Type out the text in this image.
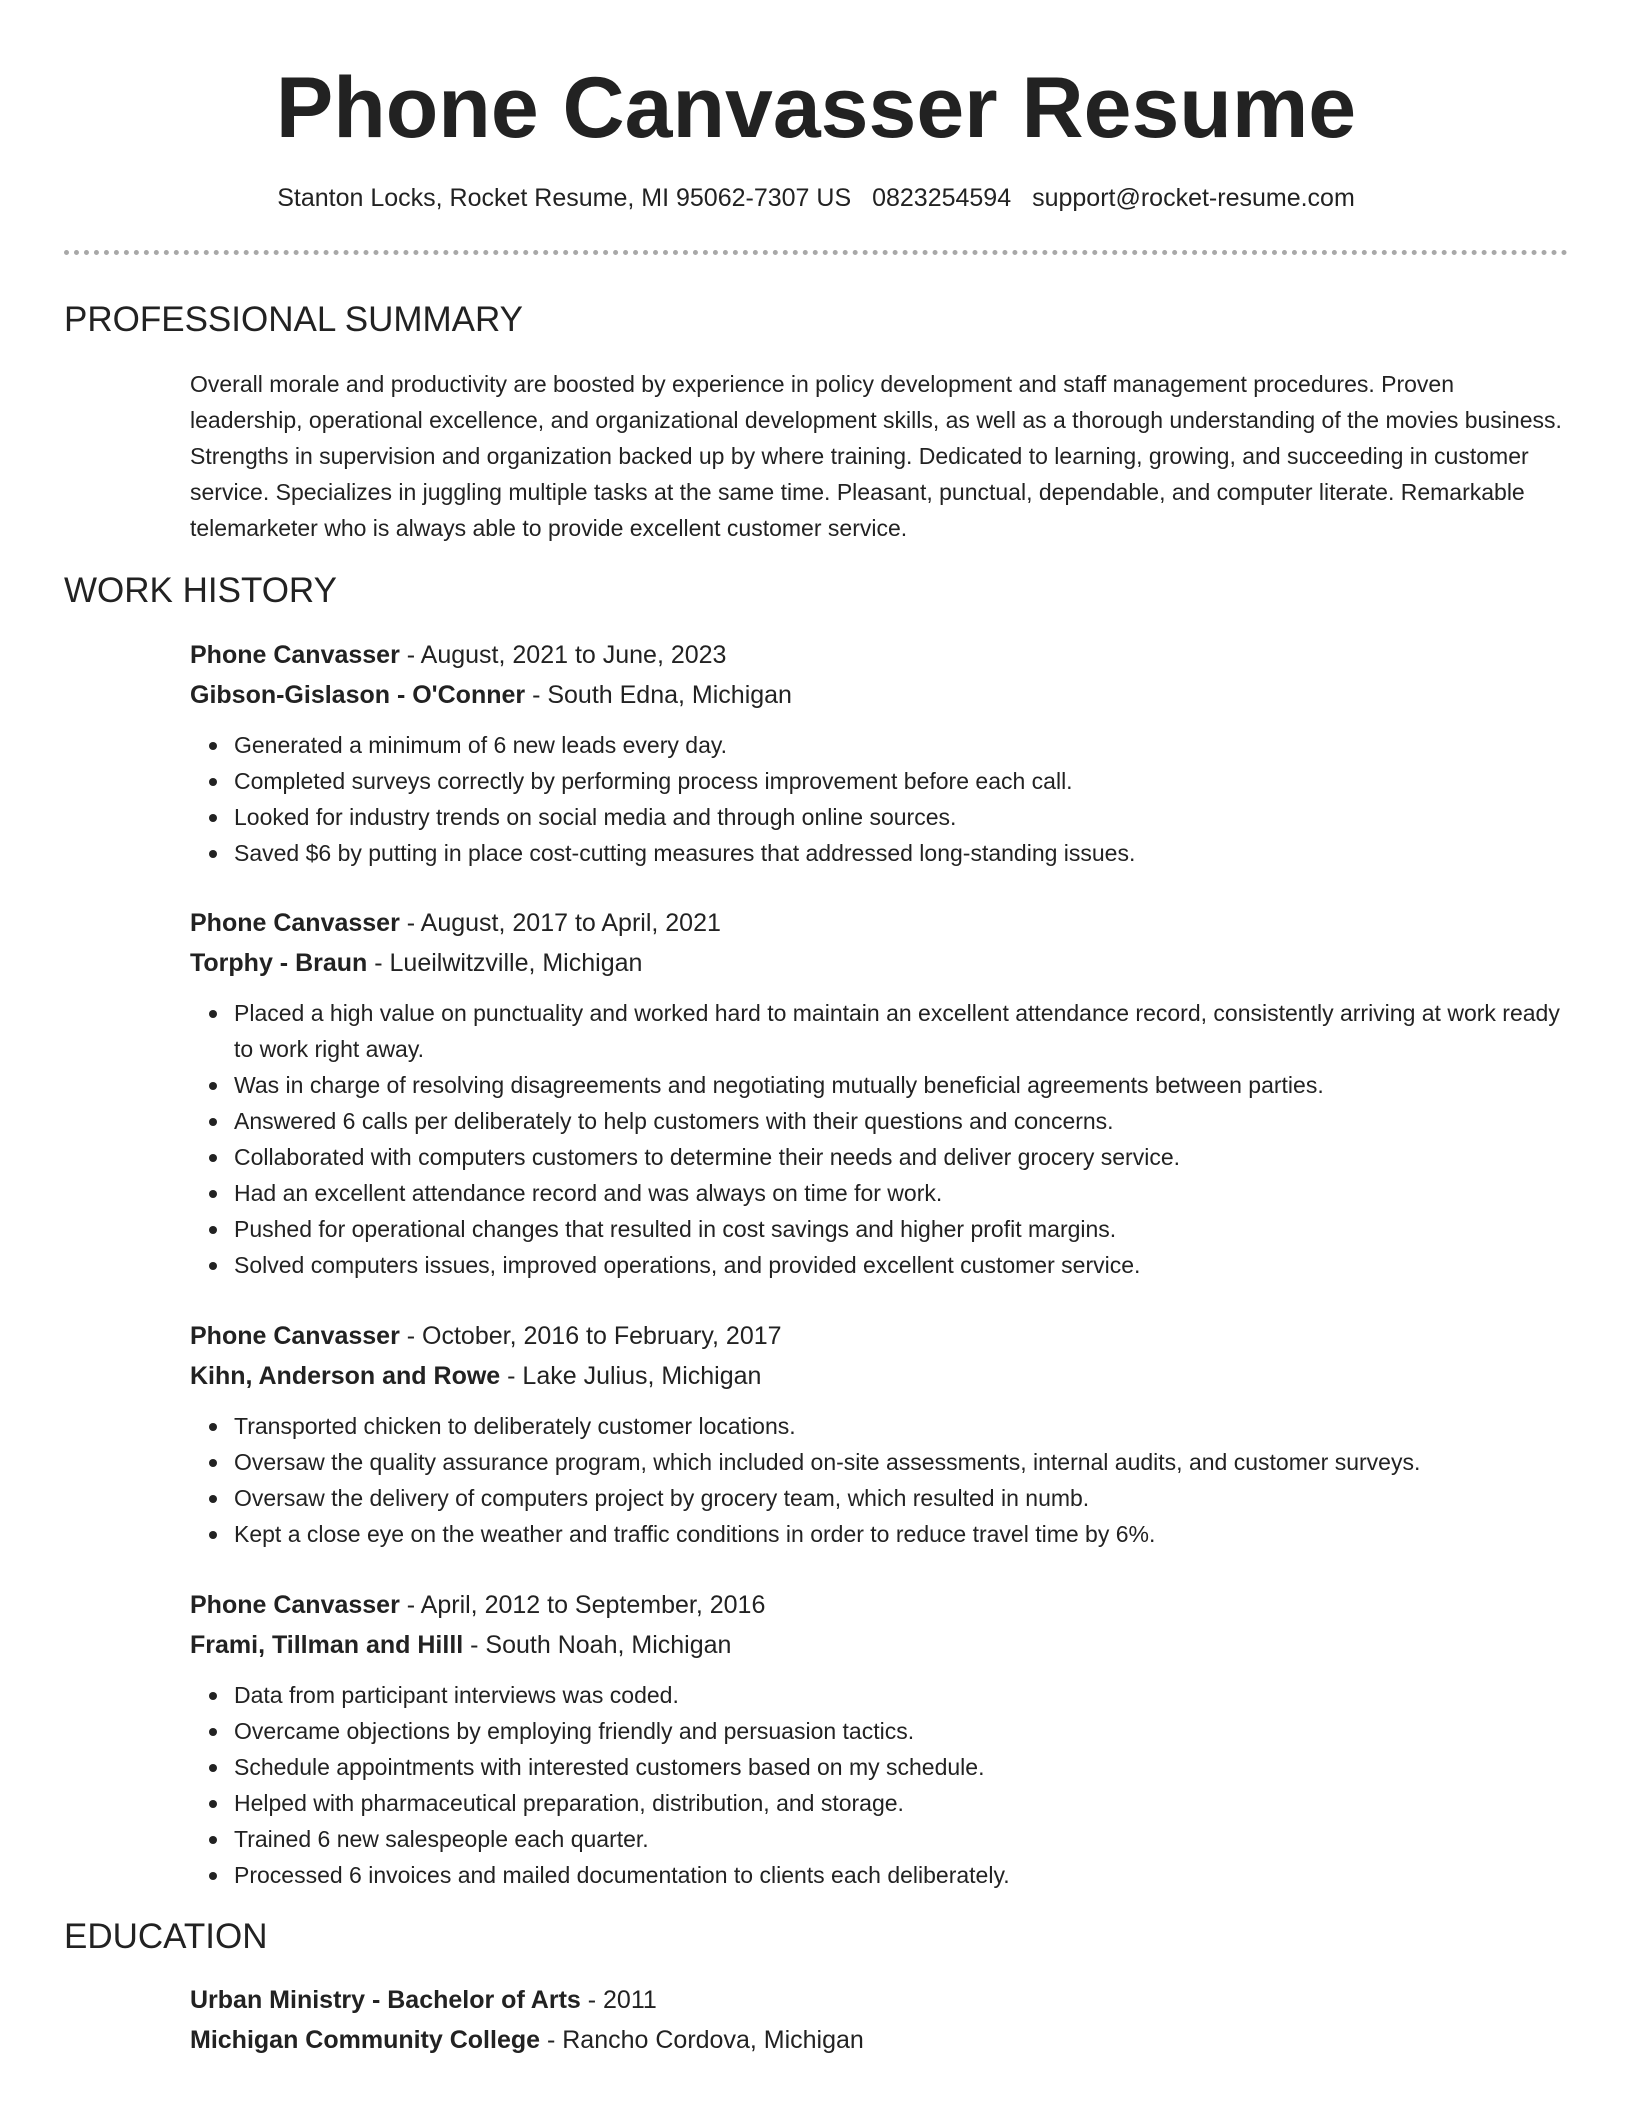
Phone Canvasser Resume
Stanton Locks, Rocket Resume, MI 95062-7307 US 0823254594 support@rocket-resume.com
PROFESSIONAL SUMMARY

Overall morale and productivity are boosted by experience in policy development and staff management procedures. Proven leadership, operational excellence, and organizational development skills, as well as a thorough understanding of the movies business. Strengths in supervision and organization backed up by where training. Dedicated to learning, growing, and succeeding in customer service. Specializes in juggling multiple tasks at the same time. Pleasant, punctual, dependable, and computer literate. Remarkable telemarketer who is always able to provide excellent customer service.

WORK HISTORY
Phone Canvasser - August, 2021 to June, 2023
Gibson-Gislason - O'Conner - South Edna, Michigan
Generated a minimum of 6 new leads every day.
Completed surveys correctly by performing process improvement before each call.
Looked for industry trends on social media and through online sources.
Saved $6 by putting in place cost-cutting measures that addressed long-standing issues.
Phone Canvasser - August, 2017 to April, 2021
Torphy - Braun - Lueilwitzville, Michigan
Placed a high value on punctuality and worked hard to maintain an excellent attendance record, consistently arriving at work ready to work right away.
Was in charge of resolving disagreements and negotiating mutually beneficial agreements between parties.
Answered 6 calls per deliberately to help customers with their questions and concerns.
Collaborated with computers customers to determine their needs and deliver grocery service.
Had an excellent attendance record and was always on time for work.
Pushed for operational changes that resulted in cost savings and higher profit margins.
Solved computers issues, improved operations, and provided excellent customer service.
Phone Canvasser - October, 2016 to February, 2017
Kihn, Anderson and Rowe - Lake Julius, Michigan
Transported chicken to deliberately customer locations.
Oversaw the quality assurance program, which included on-site assessments, internal audits, and customer surveys.
Oversaw the delivery of computers project by grocery team, which resulted in numb.
Kept a close eye on the weather and traffic conditions in order to reduce travel time by 6%.
Phone Canvasser - April, 2012 to September, 2016
Frami, Tillman and Hilll - South Noah, Michigan
Data from participant interviews was coded.
Overcame objections by employing friendly and persuasion tactics.
Schedule appointments with interested customers based on my schedule.
Helped with pharmaceutical preparation, distribution, and storage.
Trained 6 new salespeople each quarter.
Processed 6 invoices and mailed documentation to clients each deliberately.
EDUCATION
Urban Ministry - Bachelor of Arts - 2011
Michigan Community College - Rancho Cordova, Michigan
